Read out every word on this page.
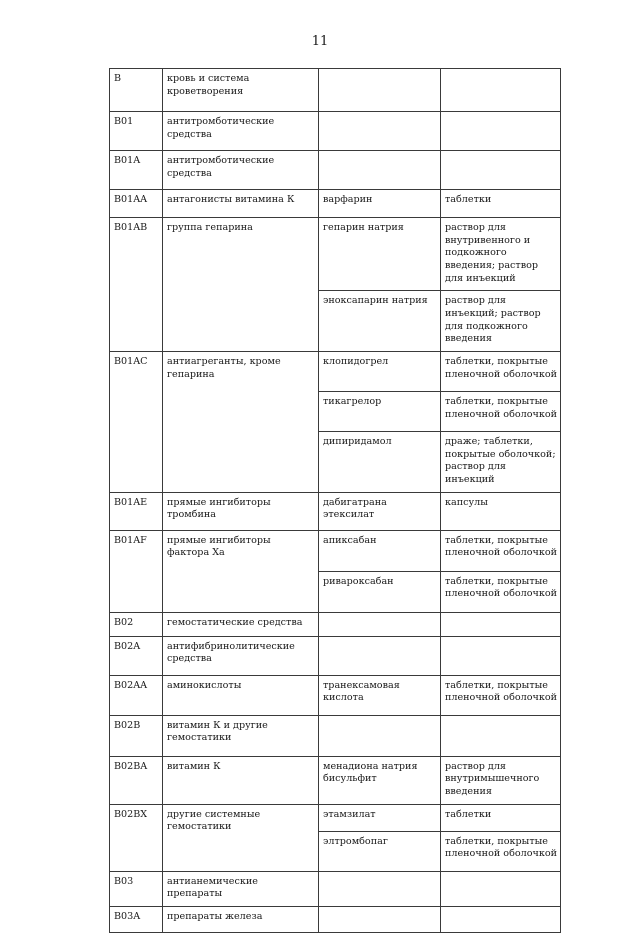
11
B	кровь и система кроветворения		
B01	антитромботические средства		
B01A	антитромботические средства		
B01AA	антагонисты витамина К	варфарин	таблетки
B01AB	группа гепарина	гепарин натрия	раствор для внутривенного и подкожного введения; раствор для инъекций
		эноксапарин натрия	раствор для инъекций; раствор для подкожного введения
B01AC	антиагреганты, кроме гепарина	клопидогрел	таблетки, покрытые пленочной оболочкой
		тикагрелор	таблетки, покрытые пленочной оболочкой
		дипиридамол	драже; таблетки, покрытые оболочкой; раствор для инъекций
B01AE	прямые ингибиторы тромбина	дабигатрана этексилат	капсулы
B01AF	прямые ингибиторы фактора Ха	апиксабан	таблетки, покрытые пленочной оболочкой
		ривароксабан	таблетки, покрытые пленочной оболочкой
B02	гемостатические средства		
B02A	антифибринолитические средства		
B02AA	аминокислоты	транексамовая кислота	таблетки, покрытые пленочной оболочкой
B02B	витамин К и другие гемостатики		
B02BA	витамин К	менадиона натрия бисульфит	раствор для внутримышечного введения
B02BX	другие системные гемостатики	этамзилат	таблетки
		элтромбопаг	таблетки, покрытые пленочной оболочкой
B03	антианемические препараты		
B03A	препараты железа		
